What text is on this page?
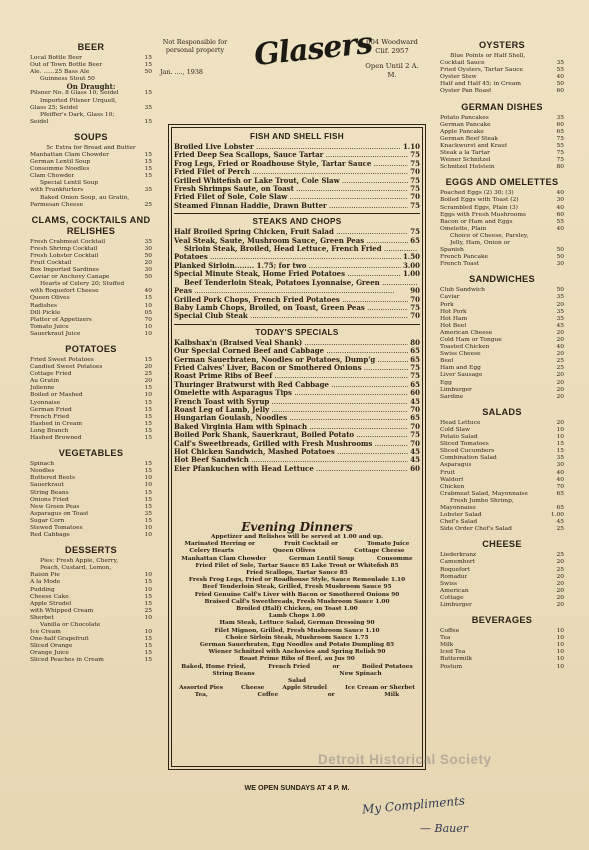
Not Responsible for personal property
Jan. ...., 1938	Glasers
604 Woodward
Clif. 2957
Open Until 2 A. M.
BEER
Local Bottle Beer	15
Out of Town Bottle Beer	15
Ale. ......25 Bass Ale	50
Guinness Stout 50
On Draught:
Pilsner No. 8 Glass 10; Seidel	15
Imported Pilsner Urquell,
Glass 25; Seidel	35
Pfeiffer's Dark, Glass 10;
Seidel	15
SOUPS
5c Extra for Bread and Butter
Manhattan Clam Chowder	15
German Lentil Soup	15
Consomme Noodles	15
Clam Chowder	15
Special Lentil Soup
with Frankfurters	35
Baked Onion Soup, au Gratin,
Parmesan Cheese	25
CLAMS, COCKTAILS AND RELISHES
Fresh Crabmeat Cocktail	35
Fresh Shrimp Cocktail	30
Fresh Lobster Cocktail	50
Fruit Cocktail	20
Box Imported Sardines	30
Caviar or Anchovy Canape	50
Hearts of Celery 20; Stuffed
with Roquefort Cheese	40
Queen Olives	15
Radishes	10
Dill Pickle	05
Platter of Appetizers	70
Tomato Juice	10
Sauerkraut Juice	10
POTATOES
Fried Sweet Potatoes	15
Candied Sweet Potatoes	20
Cottage Fried	25
Au Gratin	20
Julienne	15
Boiled or Mashed	10
Lyonnaise	15
German Fried	15
French Fried	15
Hashed in Cream	15
Long Branch	15
Hashed Browned	15
VEGETABLES
Spinach	15
Noodles	15
Buttered Beets	10
Sauerkraut	10
String Beans	15
Onions Fried	15
New Green Peas	15
Asparagus on Toast	35
Sugar Corn	15
Stewed Tomatoes	10
Red Cabbage	10
DESSERTS
Pies: Fresh Apple, Cherry,
Peach, Custard, Lemon,
Raisin Pie	10
A la Mode	15
Pudding	10
Cheese Cake	15
Apple Strudel	15
with Whipped Cream	25
Sherbet	10
Vanilla or Chocolate
Ice Cream	10
One-half Grapefruit	15
Sliced Orange	15
Orange Juice	15
Sliced Peaches in Cream	15
OYSTERS
Blue Points or Half Shell,
Cocktail Sauce	35
Fried Oysters, Tartar Sauce	55
Oyster Stew	40
Half and Half 45; in Cream	50
Oyster Pan Roast	60
GERMAN DISHES
Potato Pancakes	35
German Pancake	60
Apple Pancake	65
German Beef Steak	75
Knackwurst and Kraut	55
Steak a la Tartar	75
Weiner Schnitzel	75
Schnitzel Holstein	80
EGGS AND OMELETTES
Poached Eggs (2) 30; (3)	40
Boiled Eggs with Toast (2)	30
Scrambled Eggs, Plain (3)	40
Eggs with Fresh Mushrooms	60
Bacon or Ham and Eggs	55
Omelette, Plain	40
Choice of Cheese, Parsley,
Jelly, Ham, Onion or
Spanish	50
French Pancake	50
French Toast	30
SANDWICHES
Club Sandwich	50
Caviar	35
Pork	20
Hot Pork	35
Hot Ham	35
Hot Beef	45
American Cheese	20
Cold Ham or Tongue	20
Toasted Chicken	40
Swiss Cheese	20
Beef	25
Ham and Egg	25
Liver Sausage	20
Egg	20
Limburger	20
Sardine	20
SALADS
Head Lettuce	20
Cold Slaw	10
Potato Salad	10
Sliced Tomatoes	15
Sliced Cucumbers	15
Combination Salad	35
Asparagus	30
Fruit	40
Waldorf	40
Chicken	70
Crabmeat Salad, Mayonnaise	65
Fresh Jumbo Shrimp,
Mayonnaise	65
Lobster Salad	1.00
Chef's Salad	45
Side Order Chef's Salad	25
CHEESE
Liederkranz	25
Camembert	20
Roquefort	25
Romadur	20
Swiss	20
American	20
Cottage	20
Limburger	20
BEVERAGES
Coffee	10
Tea	10
Milk	10
Iced Tea	10
Buttermilk	10
Postum	10
FISH AND SHELL FISH
Broiled Live Lobster .....	1.10
Fried Deep Sea Scallops, Sauce Tartar .....	75
Frog Legs, Fried or Roadhouse Style, Tartar Sauce .....	75
Fried Filet of Perch .....	70
Grilled Whitefish or Lake Trout, Cole Slaw .....	75
Fresh Shrimps Saute, on Toast .....	75
Fried Filet of Sole, Cole Slaw .....	70
Steamed Finnan Haddie, Drawn Butter .....	75
STEAKS AND CHOPS
Half Broiled Spring Chicken, Fruit Salad .....	75
Veal Steak, Saute, Mushroom Sauce, Green Peas .....	65
Sirloin Steak, Broiled, Head Lettuce, French Fried .....
Potatoes .....	1.50
Planked Sirloin........ 1.75; for two .....	3.00
Special Minute Steak, Home Fried Potatoes .....	1.00
Beef Tenderloin Steak, Potatoes Lyonnaise, Green .....
Peas .....	90
Grilled Pork Chops, French Fried Potatoes .....	70
Baby Lamb Chops, Broiled, on Toast, Green Peas .....	75
Special Club Steak .....	70
TODAY'S SPECIALS
Kalbshax'n (Braised Veal Shank) .....	80
Our Special Corned Beef and Cabbage .....	65
German Sauerbraten, Noodles or Potatoes, Dump'g .....	65
Fried Calves' Liver, Bacon or Smothered Onions .....	75
Roast Prime Ribs of Beef .....	75
Thuringer Bratwurst with Red Cabbage .....	65
Omelette with Asparagus Tips .....	60
French Toast with Syrup .....	45
Roast Leg of Lamb, Jelly .....	70
Hungarian Goulash, Noodles .....	65
Baked Virginia Ham with Spinach .....	70
Boiled Pork Shank, Sauerkraut, Boiled Potato .....	75
Calf's Sweetbreads, Grilled with Fresh Mushrooms .....	70
Hot Chicken Sandwich, Mashed Potatoes .....	45
Hot Beef Sandwich .....	45
Eier Pfankuchen with Head Lettuce .....	60
Evening Dinners
Appetizer and Relishes will be served at 1.00 and up.
Marinated Herring or	Fruit Cocktail or	Tomato Juice
Celery Hearts	Queen Olives	Cottage Cheese
Manhattan Clam Chowder	German Lentil Soup	Consomme
Fried Filet of Sole, Tartar Sauce 85 Lake Trout or Whitefish 85
Fried Scallops, Tartar Sauce 85
Fresh Frog Legs, Fried or Roadhouse Style, Sauce Remoulade 1.10
Beef Tenderloin Steak, Grilled, Fresh Mushroom Sauce 95
Fried Genuine Calf's Liver with Bacon or Smothered Onions 90
Braised Calf's Sweetbreads, Fresh Mushroom Sauce 1.00
Broiled (Half) Chicken, on Toast 1.00
Lamb Chops 1.00
Ham Steak, Lettuce Salad, German Dressing 90
Filet Mignon, Grilled, Fresh Mushroom Sauce 1.10
Choice Sirloin Steak, Mushroom Sauce 1.75
German Sauerbraten, Egg Noodles and Potato Dumpling 85
Wiener Schnitzel with Anchovies and Spring Relish 90
Roast Prime Ribs of Beef, au Jus 90
Baked, Home Fried,	French Fried	or	Boiled Potatoes
String Beans	New Spinach
Salad
Assorted Pies	Cheese	Apple Strudel	Ice Cream or Sherbet
Tea,	Coffee	or	Milk
WE OPEN SUNDAYS AT 4 P. M.
Detroit Historical Society
My Compliments
— Bauer
